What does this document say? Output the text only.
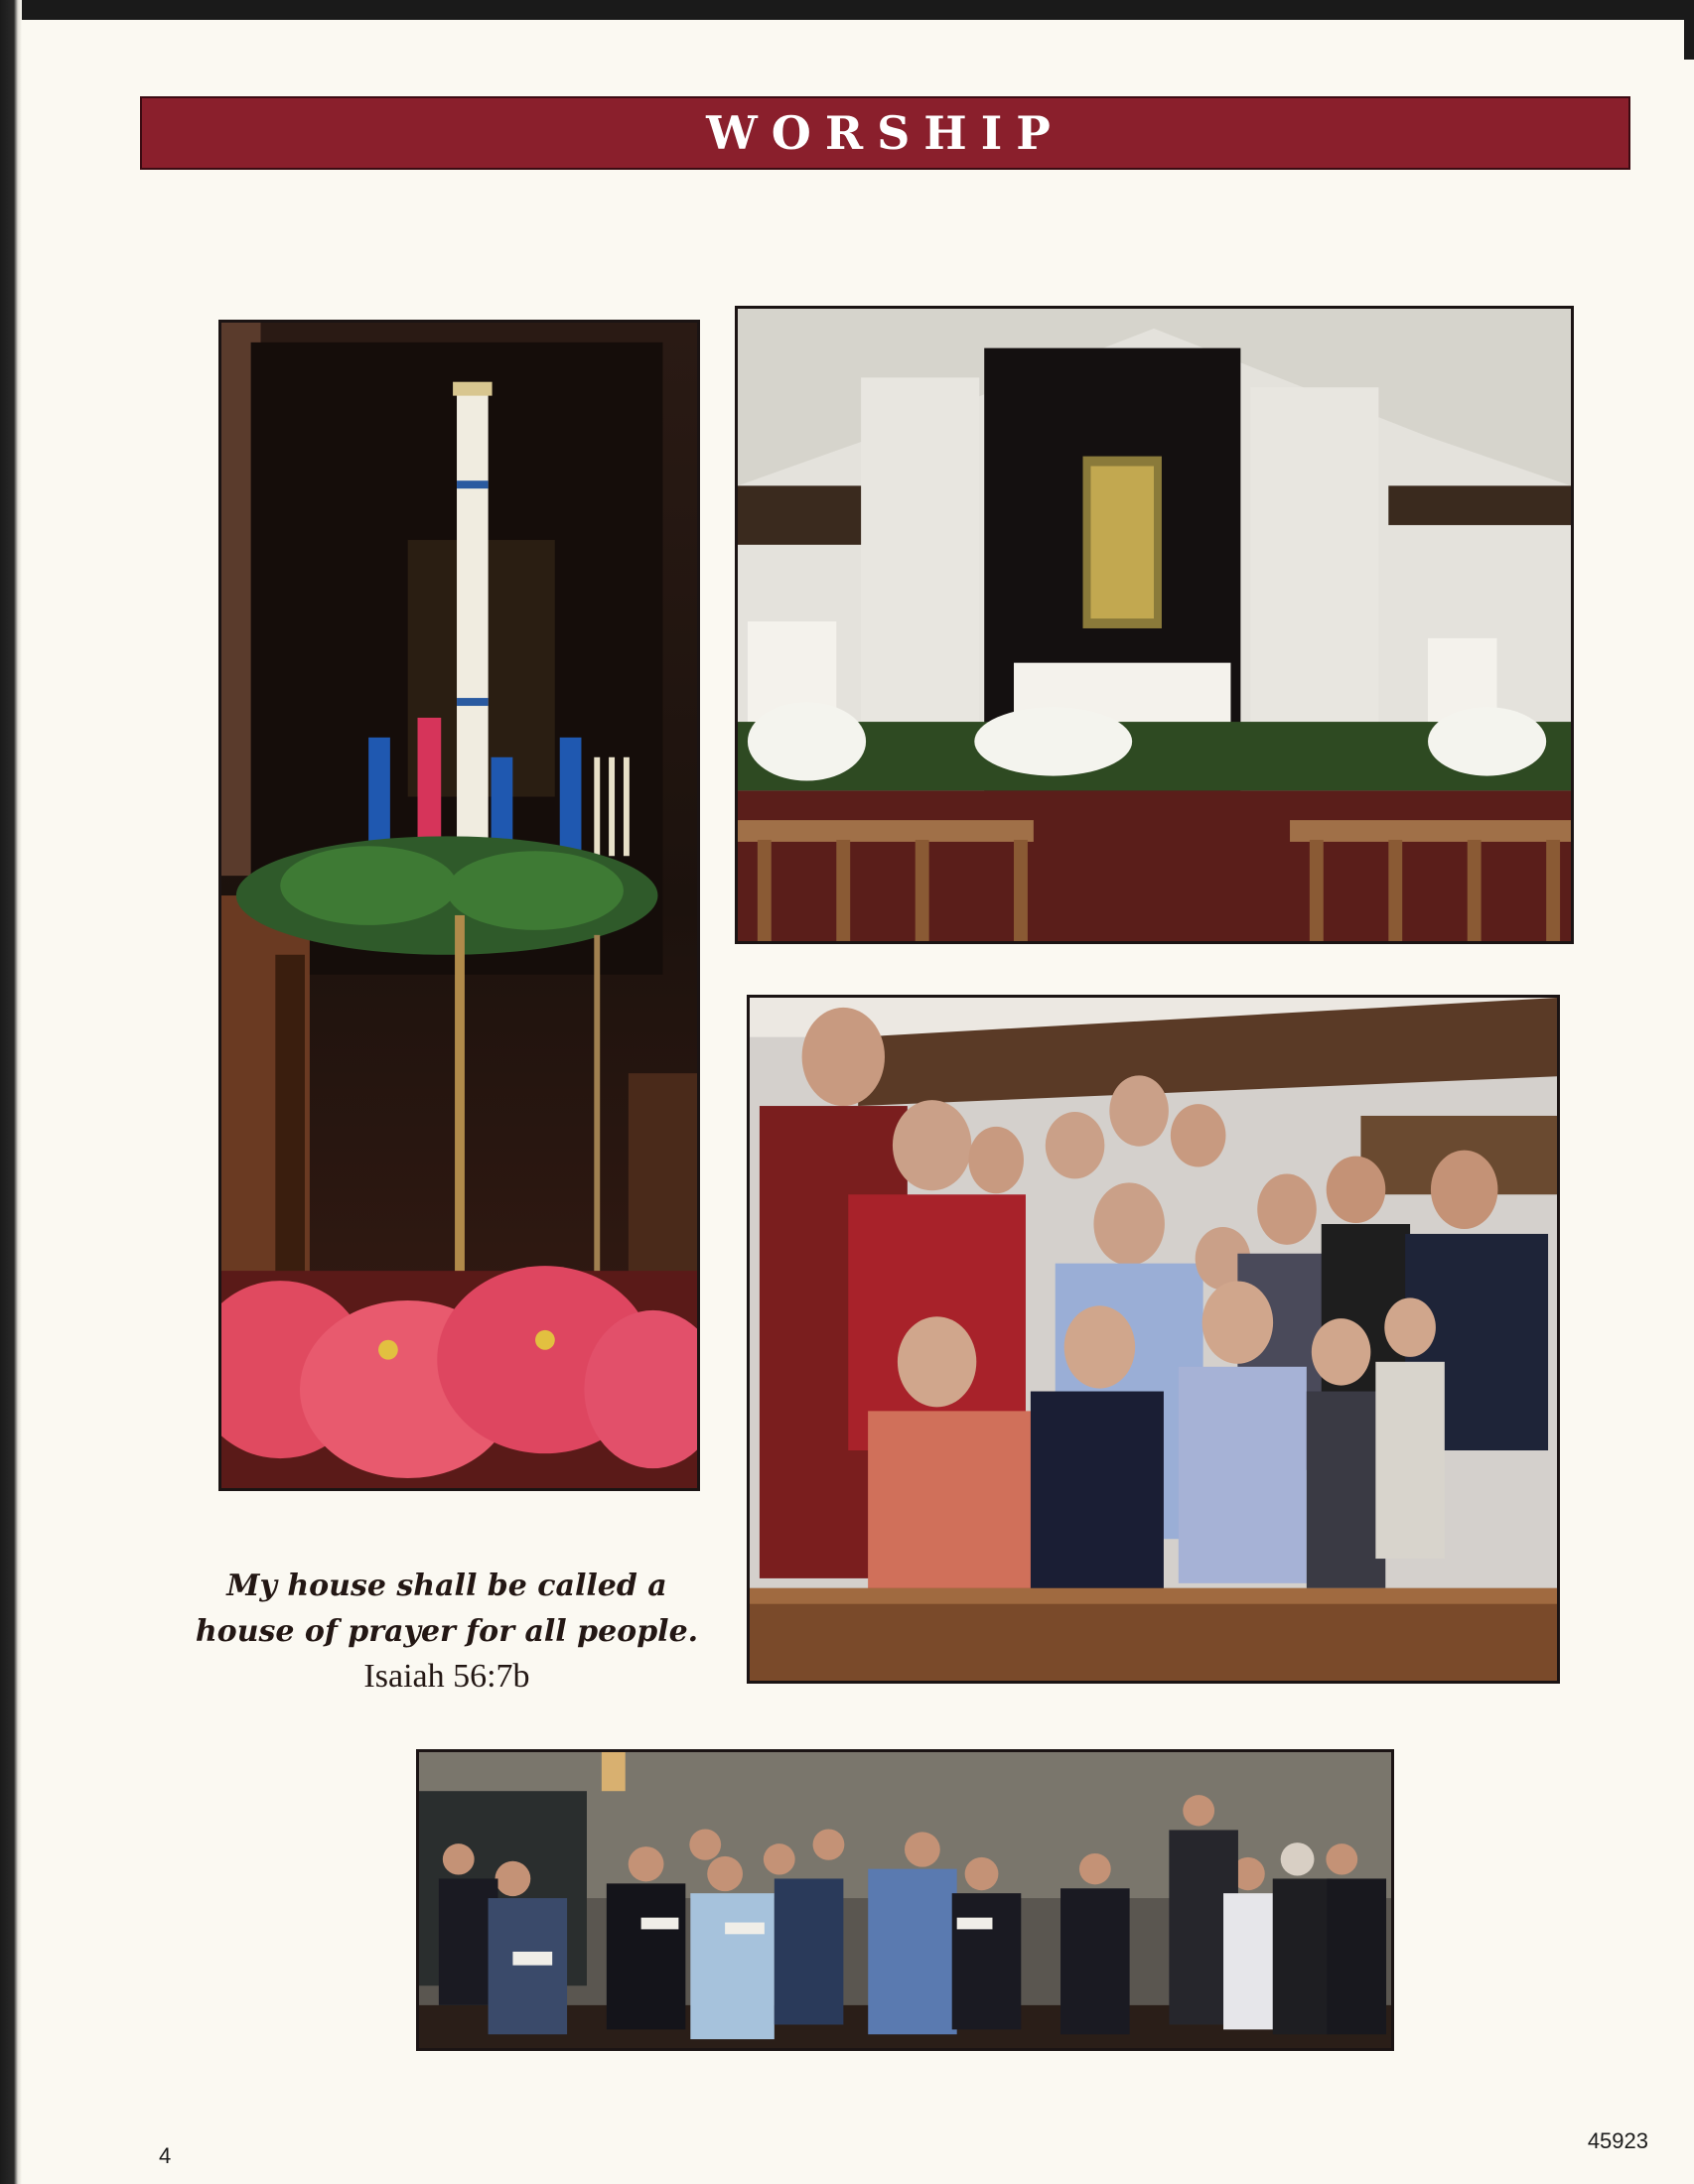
WORSHIP
My house shall be called a
house of prayer for all people.
Isaiah 56:7b
4
45923
